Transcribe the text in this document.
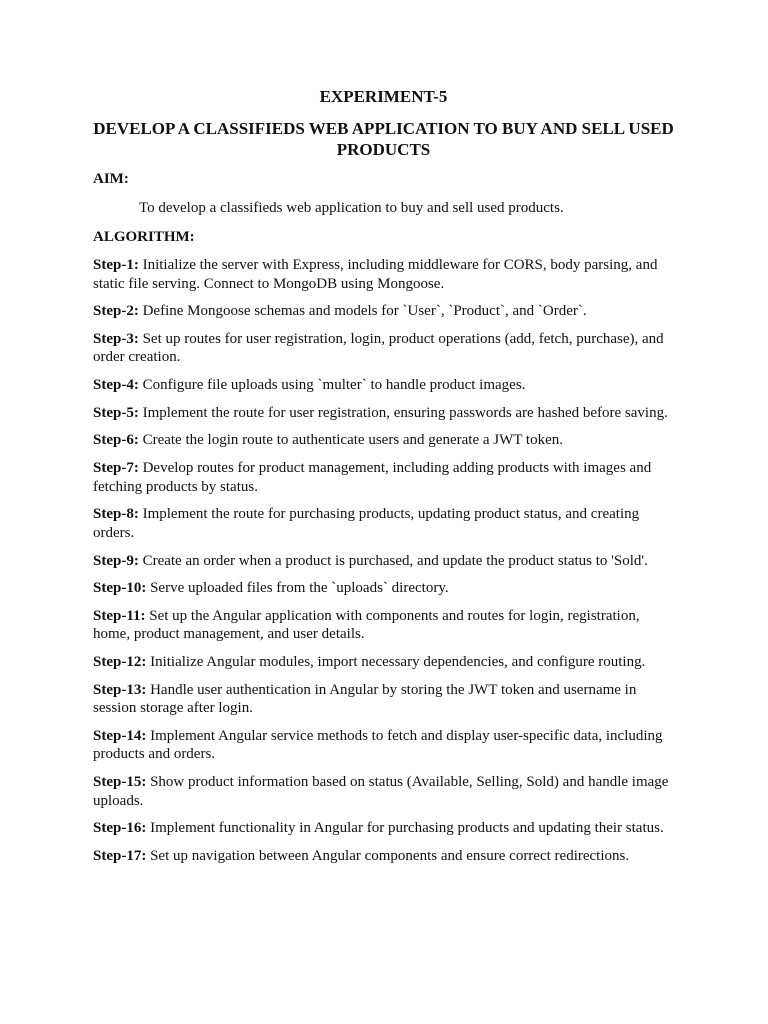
EXPERIMENT-5
DEVELOP A CLASSIFIEDS WEB APPLICATION TO BUY AND SELL USED PRODUCTS
AIM:
To develop a classifieds web application to buy and sell used products.
ALGORITHM:

Step-1: Initialize the server with Express, including middleware for CORS, body parsing, and static file serving. Connect to MongoDB using Mongoose.

Step-2: Define Mongoose schemas and models for `User`, `Product`, and `Order`.

Step-3: Set up routes for user registration, login, product operations (add, fetch, purchase), and order creation.

Step-4: Configure file uploads using `multer` to handle product images.

Step-5: Implement the route for user registration, ensuring passwords are hashed before saving.

Step-6: Create the login route to authenticate users and generate a JWT token.

Step-7: Develop routes for product management, including adding products with images and fetching products by status.

Step-8: Implement the route for purchasing products, updating product status, and creating orders.

Step-9: Create an order when a product is purchased, and update the product status to 'Sold'.

Step-10: Serve uploaded files from the `uploads` directory.

Step-11: Set up the Angular application with components and routes for login, registration, home, product management, and user details.

Step-12: Initialize Angular modules, import necessary dependencies, and configure routing.

Step-13: Handle user authentication in Angular by storing the JWT token and username in session storage after login.

Step-14: Implement Angular service methods to fetch and display user-specific data, including products and orders.

Step-15: Show product information based on status (Available, Selling, Sold) and handle image uploads.

Step-16: Implement functionality in Angular for purchasing products and updating their status.

Step-17: Set up navigation between Angular components and ensure correct redirections.
